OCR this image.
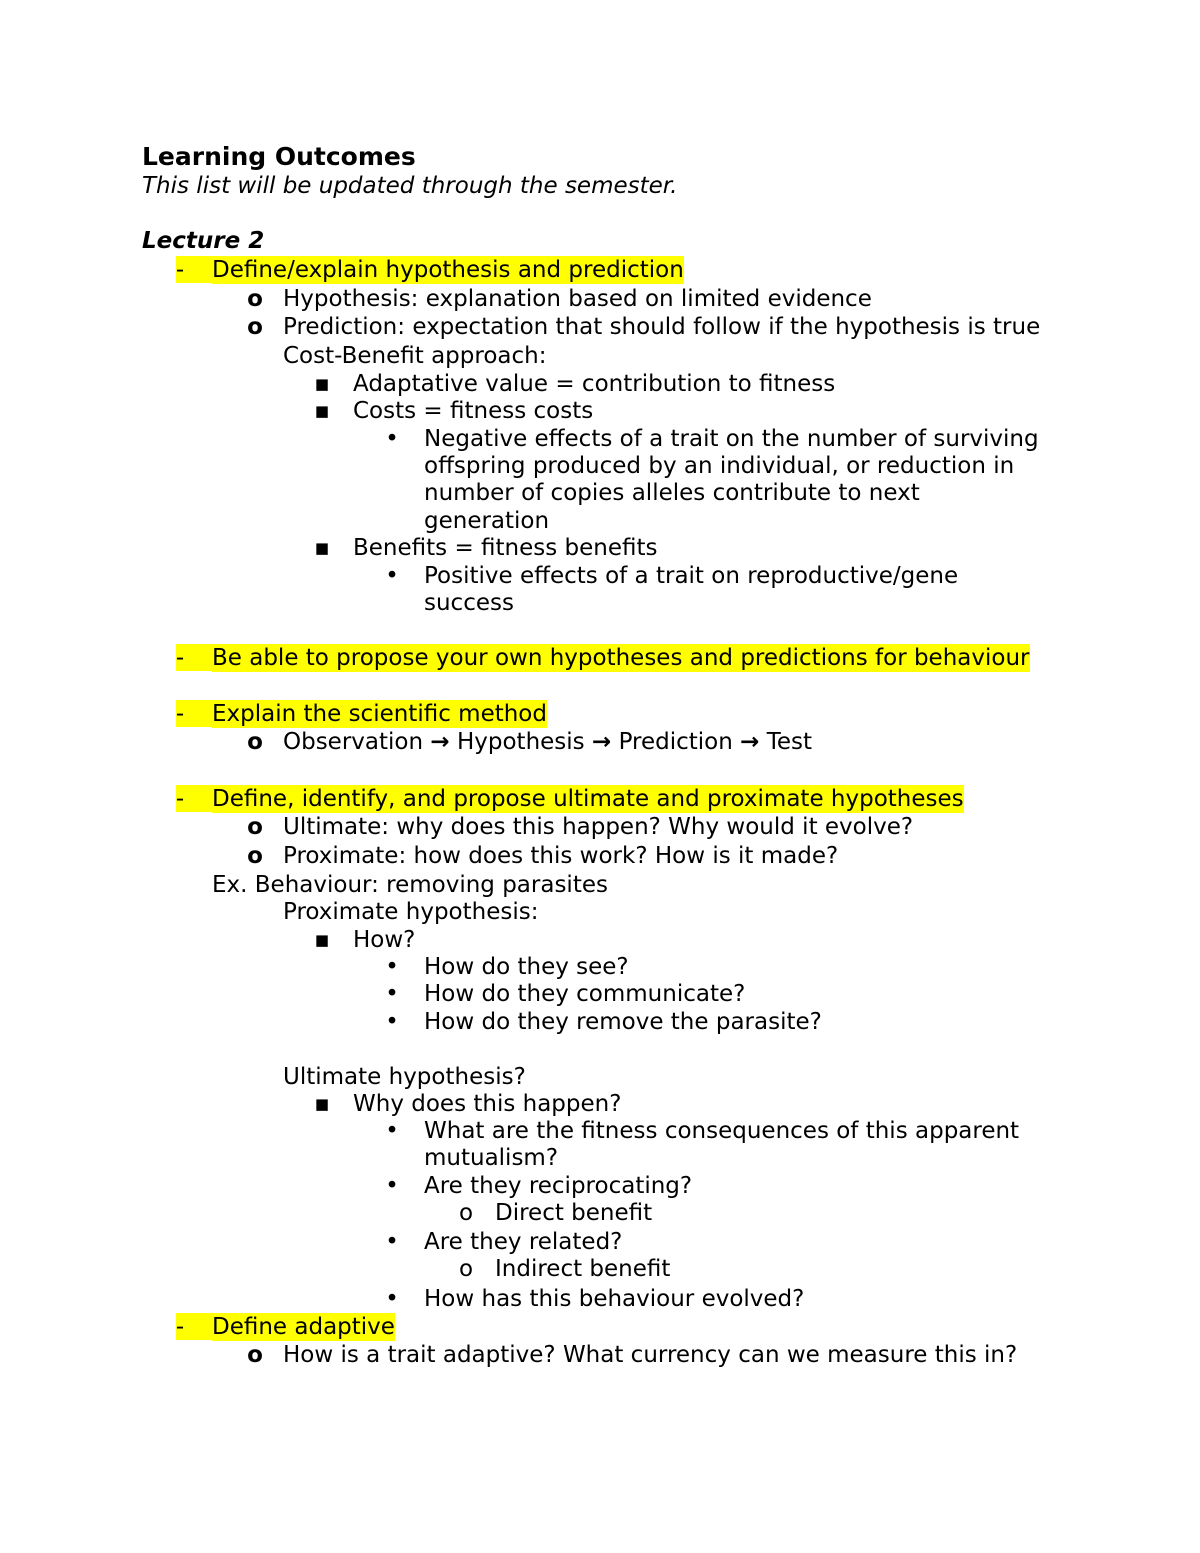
Learning Outcomes
This list will be updated through the semester.
Lecture 2
-	Define/explain hypothesis and prediction
o Hypothesis: explanation based on limited evidence
o Prediction: expectation that should follow if the hypothesis is true
Cost-Benefit approach:
▪ Adaptative value = contribution to fitness
▪ Costs = fitness costs
• Negative effects of a trait on the number of surviving
offspring produced by an individual, or reduction in
number of copies alleles contribute to next
generation
▪ Benefits = fitness benefits
• Positive effects of a trait on reproductive/gene
success
-	Be able to propose your own hypotheses and predictions for behaviour
-	Explain the scientific method
o Observation → Hypothesis → Prediction → Test
-	Define, identify, and propose ultimate and proximate hypotheses
o Ultimate: why does this happen? Why would it evolve?
o Proximate: how does this work? How is it made?
Ex. Behaviour: removing parasites
Proximate hypothesis:
▪ How?
• How do they see?
• How do they communicate?
• How do they remove the parasite?
Ultimate hypothesis?
▪ Why does this happen?
• What are the fitness consequences of this apparent
mutualism?
• Are they reciprocating?
o Direct benefit
• Are they related?
o Indirect benefit
• How has this behaviour evolved?
-	Define adaptive
o How is a trait adaptive? What currency can we measure this in?
